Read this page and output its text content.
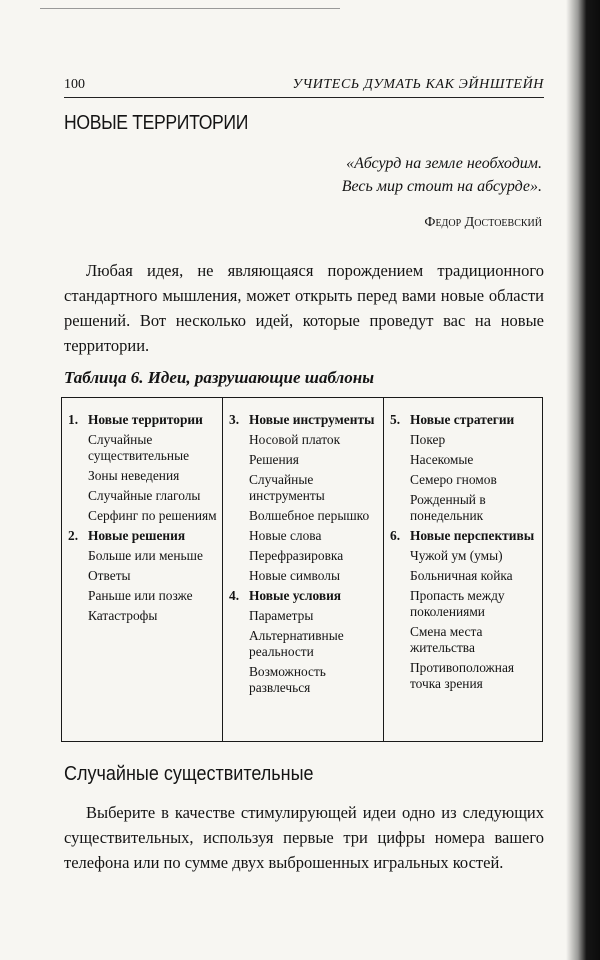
100	УЧИТЕСЬ ДУМАТЬ КАК ЭЙНШТЕЙН
НОВЫЕ ТЕРРИТОРИИ
«Абсурд на земле необходим.
Весь мир стоит на абсурде».
Федор Достоевский

Любая идея, не являющаяся порождением традиционного стандартного мышления, может открыть перед вами новые области решений. Вот несколько идей, которые проведут вас на новые территории.

Таблица 6. Идеи, разрушающие шаблоны
1. Новые территории
Случайные существительные
Зоны неведения
Случайные глаголы
Серфинг по решениям
2. Новые решения
Больше или меньше
Ответы
Раньше или позже
Катастрофы
3. Новые инструменты
Носовой платок
Решения
Случайные инструменты
Волшебное перышко
Новые слова
Перефразировка
Новые символы
4. Новые условия
Параметры
Альтернативные реальности
Возможность развлечься
5. Новые стратегии
Покер
Насекомые
Семеро гномов
Рожденный в понедельник
6. Новые перспективы
Чужой ум (умы)
Больничная койка
Пропасть между поколениями
Смена места жительства
Противоположная точка зрения
Случайные существительные

Выберите в качестве стимулирующей идеи одно из следующих существительных, используя первые три цифры номера вашего телефона или по сумме двух выброшенных игральных костей.
